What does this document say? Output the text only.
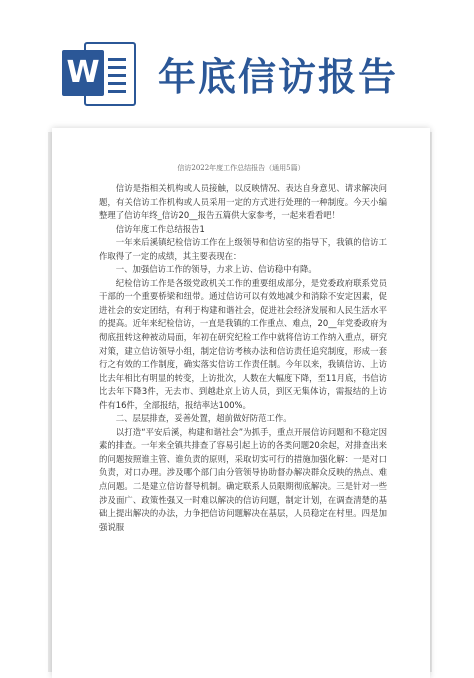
W 年底信访报告
信访2022年度工作总结报告（通用5篇）

信访是指相关机构或人员接触，以反映情况、表达自身意见、请求解决问题，有关信访工作机构或人员采用一定的方式进行处理的一种制度。今天小编整理了信访年终_信访20__报告五篇供大家参考，一起来看看吧！

信访年度工作总结报告1

一年来后溪镇纪检信访工作在上级领导和信访室的指导下，我镇的信访工作取得了一定的成绩，其主要表现在：

一、加强信访工作的领导，力求上访、信访稳中有降。

纪检信访工作是各级党政机关工作的重要组成部分，是党委政府联系党员干部的一个重要桥梁和纽带。通过信访可以有效地减少和消除不安定因素，促进社会的安定团结，有利于构建和谐社会，促进社会经济发展和人民生活水平的提高。近年来纪检信访，一直是我镇的工作重点、难点，20__年党委政府为彻底扭转这种被动局面，年初在研究纪检工作中就将信访工作纳入重点，研究对策，建立信访领导小组，制定信访考核办法和信访责任追究制度，形成一套行之有效的工作制度，确实落实信访工作责任制。今年以来，我镇信访、上访比去年相比有明显的转变，上访批次，人数在大幅度下降，至11月底，书信访比去年下降3件，无去市、到越赴京上访人员，到区无集体访，需报结的上访件有16件，全部报结，报结率达100%。

二、层层排查，妥善处置，超前做好防范工作。

以打造“平安后溪，构建和谐社会”为抓手，重点开展信访问题和不稳定因素的排查。一年来全镇共排查了容易引起上访的各类问题20余起，对排查出来的问题按照谁主管、谁负责的原则，采取切实可行的措施加强化解：一是对口负责，对口办理。涉及哪个部门由分管领导协助督办解决群众反映的热点、难点问题。二是建立信访督导机制。确定联系人员限期彻底解决。三是针对一些涉及面广、政策性强又一时难以解决的信访问题，制定计划，在调查清楚的基础上提出解决的办法，力争把信访问题解决在基层，人员稳定在村里。四是加强说服
